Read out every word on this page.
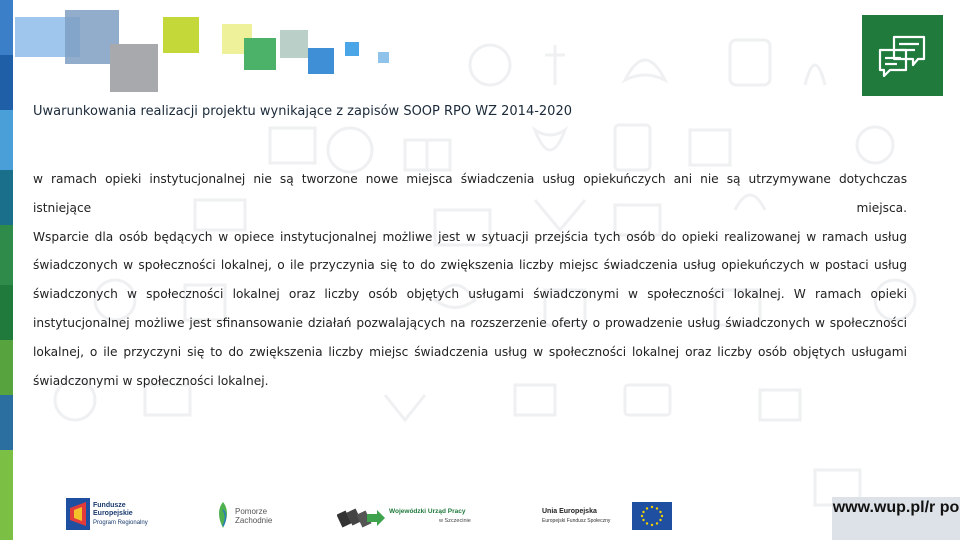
Uwarunkowania realizacji projektu wynikające z zapisów SOOP RPO WZ 2014-2020
w ramach opieki instytucjonalnej nie są tworzone nowe miejsca świadczenia usług opiekuńczych ani nie są utrzymywane dotychczas
istniejące	miejsca.

Wsparcie dla osób będących w opiece instytucjonalnej możliwe jest w sytuacji przejścia tych osób do opieki realizowanej w ramach usług świadczonych w społeczności lokalnej, o ile przyczynia się to do zwiększenia liczby miejsc świadczenia usług opiekuńczych w postaci usług świadczonych w społeczności lokalnej oraz liczby osób objętych usługami świadczonymi w społeczności lokalnej. W ramach opieki instytucjonalnej możliwe jest sfinansowanie działań pozwalających na rozszerzenie oferty o prowadzenie usług świadczonych w społeczności lokalnej, o ile przyczyni się to do zwiększenia liczby miejsc świadczenia usług w społeczności lokalnej oraz liczby osób objętych usługami świadczonymi w społeczności lokalnej.

Fundusze
Europejskie
Program Regionalny
Pomorze
Zachodnie
Wojewódzki Urząd Pracy
w Szczecinie
Unia Europejska
Europejski Fundusz Społeczny
www.wup.pl/r po
